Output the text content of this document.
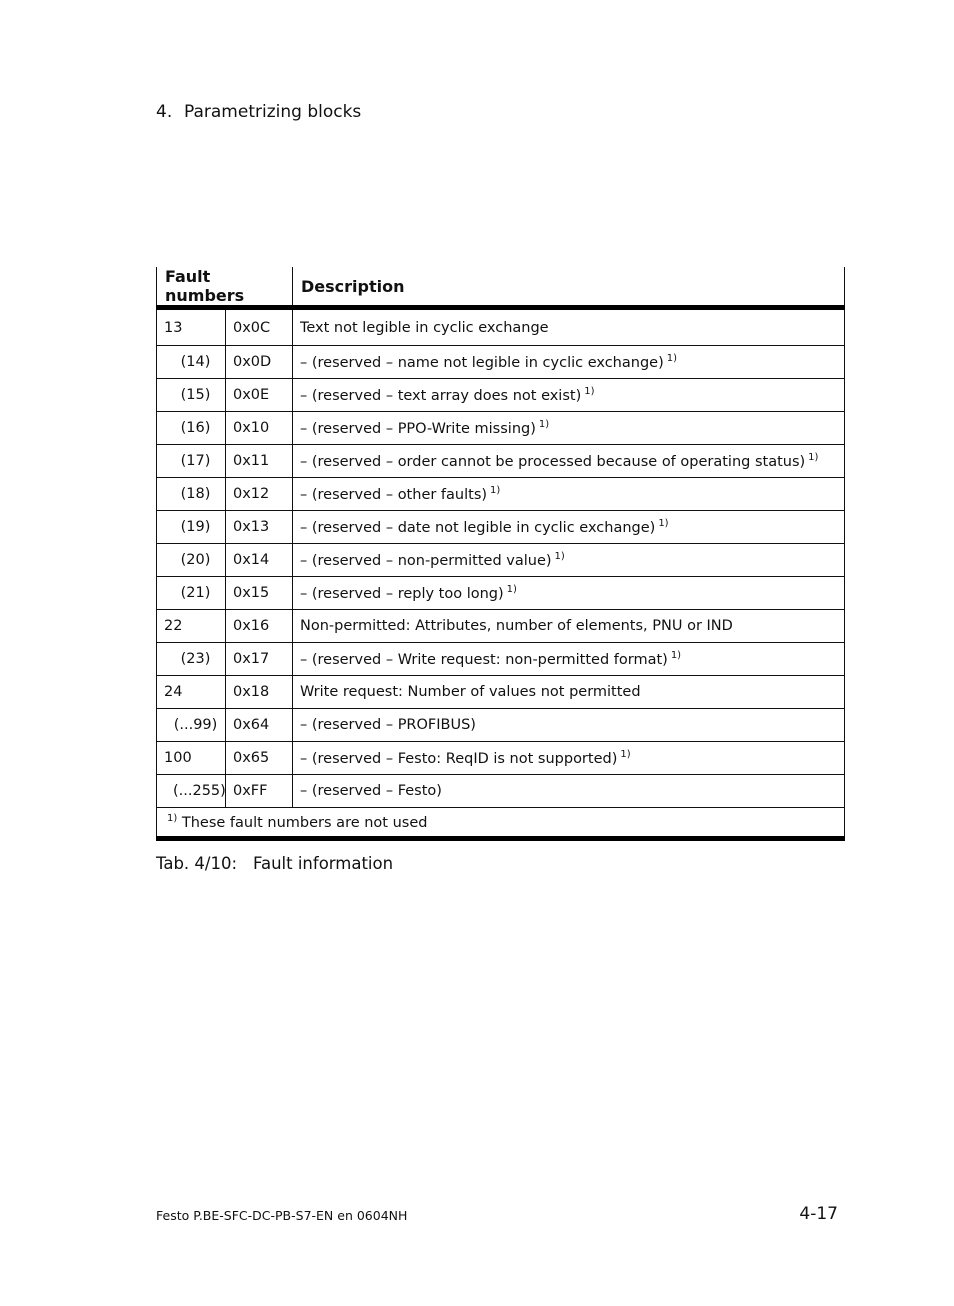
4. Parametrizing blocks
Fault numbers		Description
13	0x0C	Text not legible in cyclic exchange
(14)	0x0D	– (reserved – name not legible in cyclic exchange) $^{1)}$
(15)	0x0E	– (reserved – text array does not exist) $^{1)}$
(16)	0x10	– (reserved – PPO-Write missing) $^{1)}$
(17)	0x11	– (reserved – order cannot be processed because of operating status) $^{1)}$
(18)	0x12	– (reserved – other faults) $^{1)}$
(19)	0x13	– (reserved – date not legible in cyclic exchange) $^{1)}$
(20)	0x14	– (reserved – non-permitted value) $^{1)}$
(21)	0x15	– (reserved – reply too long) $^{1)}$
22	0x16	Non-permitted: Attributes, number of elements, PNU or IND
(23)	0x17	– (reserved – Write request: non-permitted format) $^{1)}$
24	0x18	Write request: Number of values not permitted
(...99)	0x64	– (reserved – PROFIBUS)
100	0x65	– (reserved – Festo: ReqID is not supported) $^{1)}$
(...255)	0xFF	– (reserved – Festo)
$^{1)}$ These fault numbers are not used		
Tab. 4/10: Fault information
Festo P.BE-SFC-DC-PB-S7-EN en 0604NH	4-17
